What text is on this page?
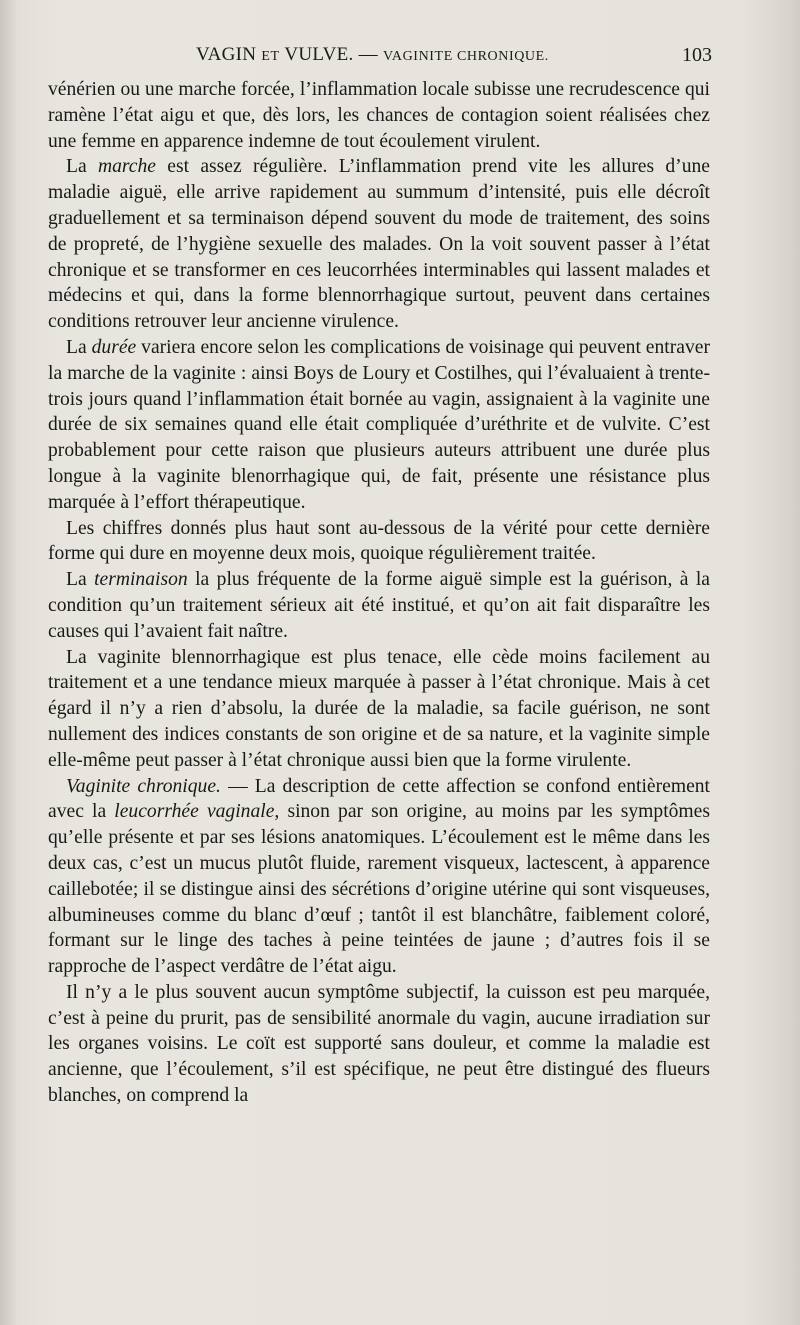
VAGIN ET VULVE. — VAGINITE CHRONIQUE.	103

vénérien ou une marche forcée, l’inflammation locale subisse une recrudescence qui ramène l’état aigu et que, dès lors, les chances de contagion soient réalisées chez une femme en apparence indemne de tout écoulement virulent.

La marche est assez régulière. L’inflammation prend vite les allures d’une maladie aiguë, elle arrive rapidement au summum d’intensité, puis elle décroît graduellement et sa terminaison dépend souvent du mode de traitement, des soins de propreté, de l’hygiène sexuelle des malades. On la voit souvent passer à l’état chronique et se transformer en ces leucorrhées interminables qui lassent malades et médecins et qui, dans la forme blennorrhagique surtout, peuvent dans certaines conditions retrouver leur ancienne virulence.

La durée variera encore selon les complications de voisinage qui peuvent entraver la marche de la vaginite : ainsi Boys de Loury et Costilhes, qui l’évaluaient à trente-trois jours quand l’inflammation était bornée au vagin, assignaient à la vaginite une durée de six semaines quand elle était compliquée d’uréthrite et de vulvite. C’est probablement pour cette raison que plusieurs auteurs attribuent une durée plus longue à la vaginite blenorrhagique qui, de fait, présente une résistance plus marquée à l’effort thérapeutique.

Les chiffres donnés plus haut sont au-dessous de la vérité pour cette dernière forme qui dure en moyenne deux mois, quoique régulièrement traitée.

La terminaison la plus fréquente de la forme aiguë simple est la guérison, à la condition qu’un traitement sérieux ait été institué, et qu’on ait fait disparaître les causes qui l’avaient fait naître.

La vaginite blennorrhagique est plus tenace, elle cède moins facilement au traitement et a une tendance mieux marquée à passer à l’état chronique. Mais à cet égard il n’y a rien d’absolu, la durée de la maladie, sa facile guérison, ne sont nullement des indices constants de son origine et de sa nature, et la vaginite simple elle-même peut passer à l’état chronique aussi bien que la forme virulente.

Vaginite chronique. — La description de cette affection se confond entièrement avec la leucorrhée vaginale, sinon par son origine, au moins par les symptômes qu’elle présente et par ses lésions anatomiques. L’écoulement est le même dans les deux cas, c’est un mucus plutôt fluide, rarement visqueux, lactescent, à apparence caillebotée; il se distingue ainsi des sécrétions d’origine utérine qui sont visqueuses, albumineuses comme du blanc d’œuf ; tantôt il est blanchâtre, faiblement coloré, formant sur le linge des taches à peine teintées de jaune ; d’autres fois il se rapproche de l’aspect verdâtre de l’état aigu.

Il n’y a le plus souvent aucun symptôme subjectif, la cuisson est peu marquée, c’est à peine du prurit, pas de sensibilité anormale du vagin, aucune irradiation sur les organes voisins. Le coït est supporté sans douleur, et comme la maladie est ancienne, que l’écoulement, s’il est spécifique, ne peut être distingué des flueurs blanches, on comprend la
